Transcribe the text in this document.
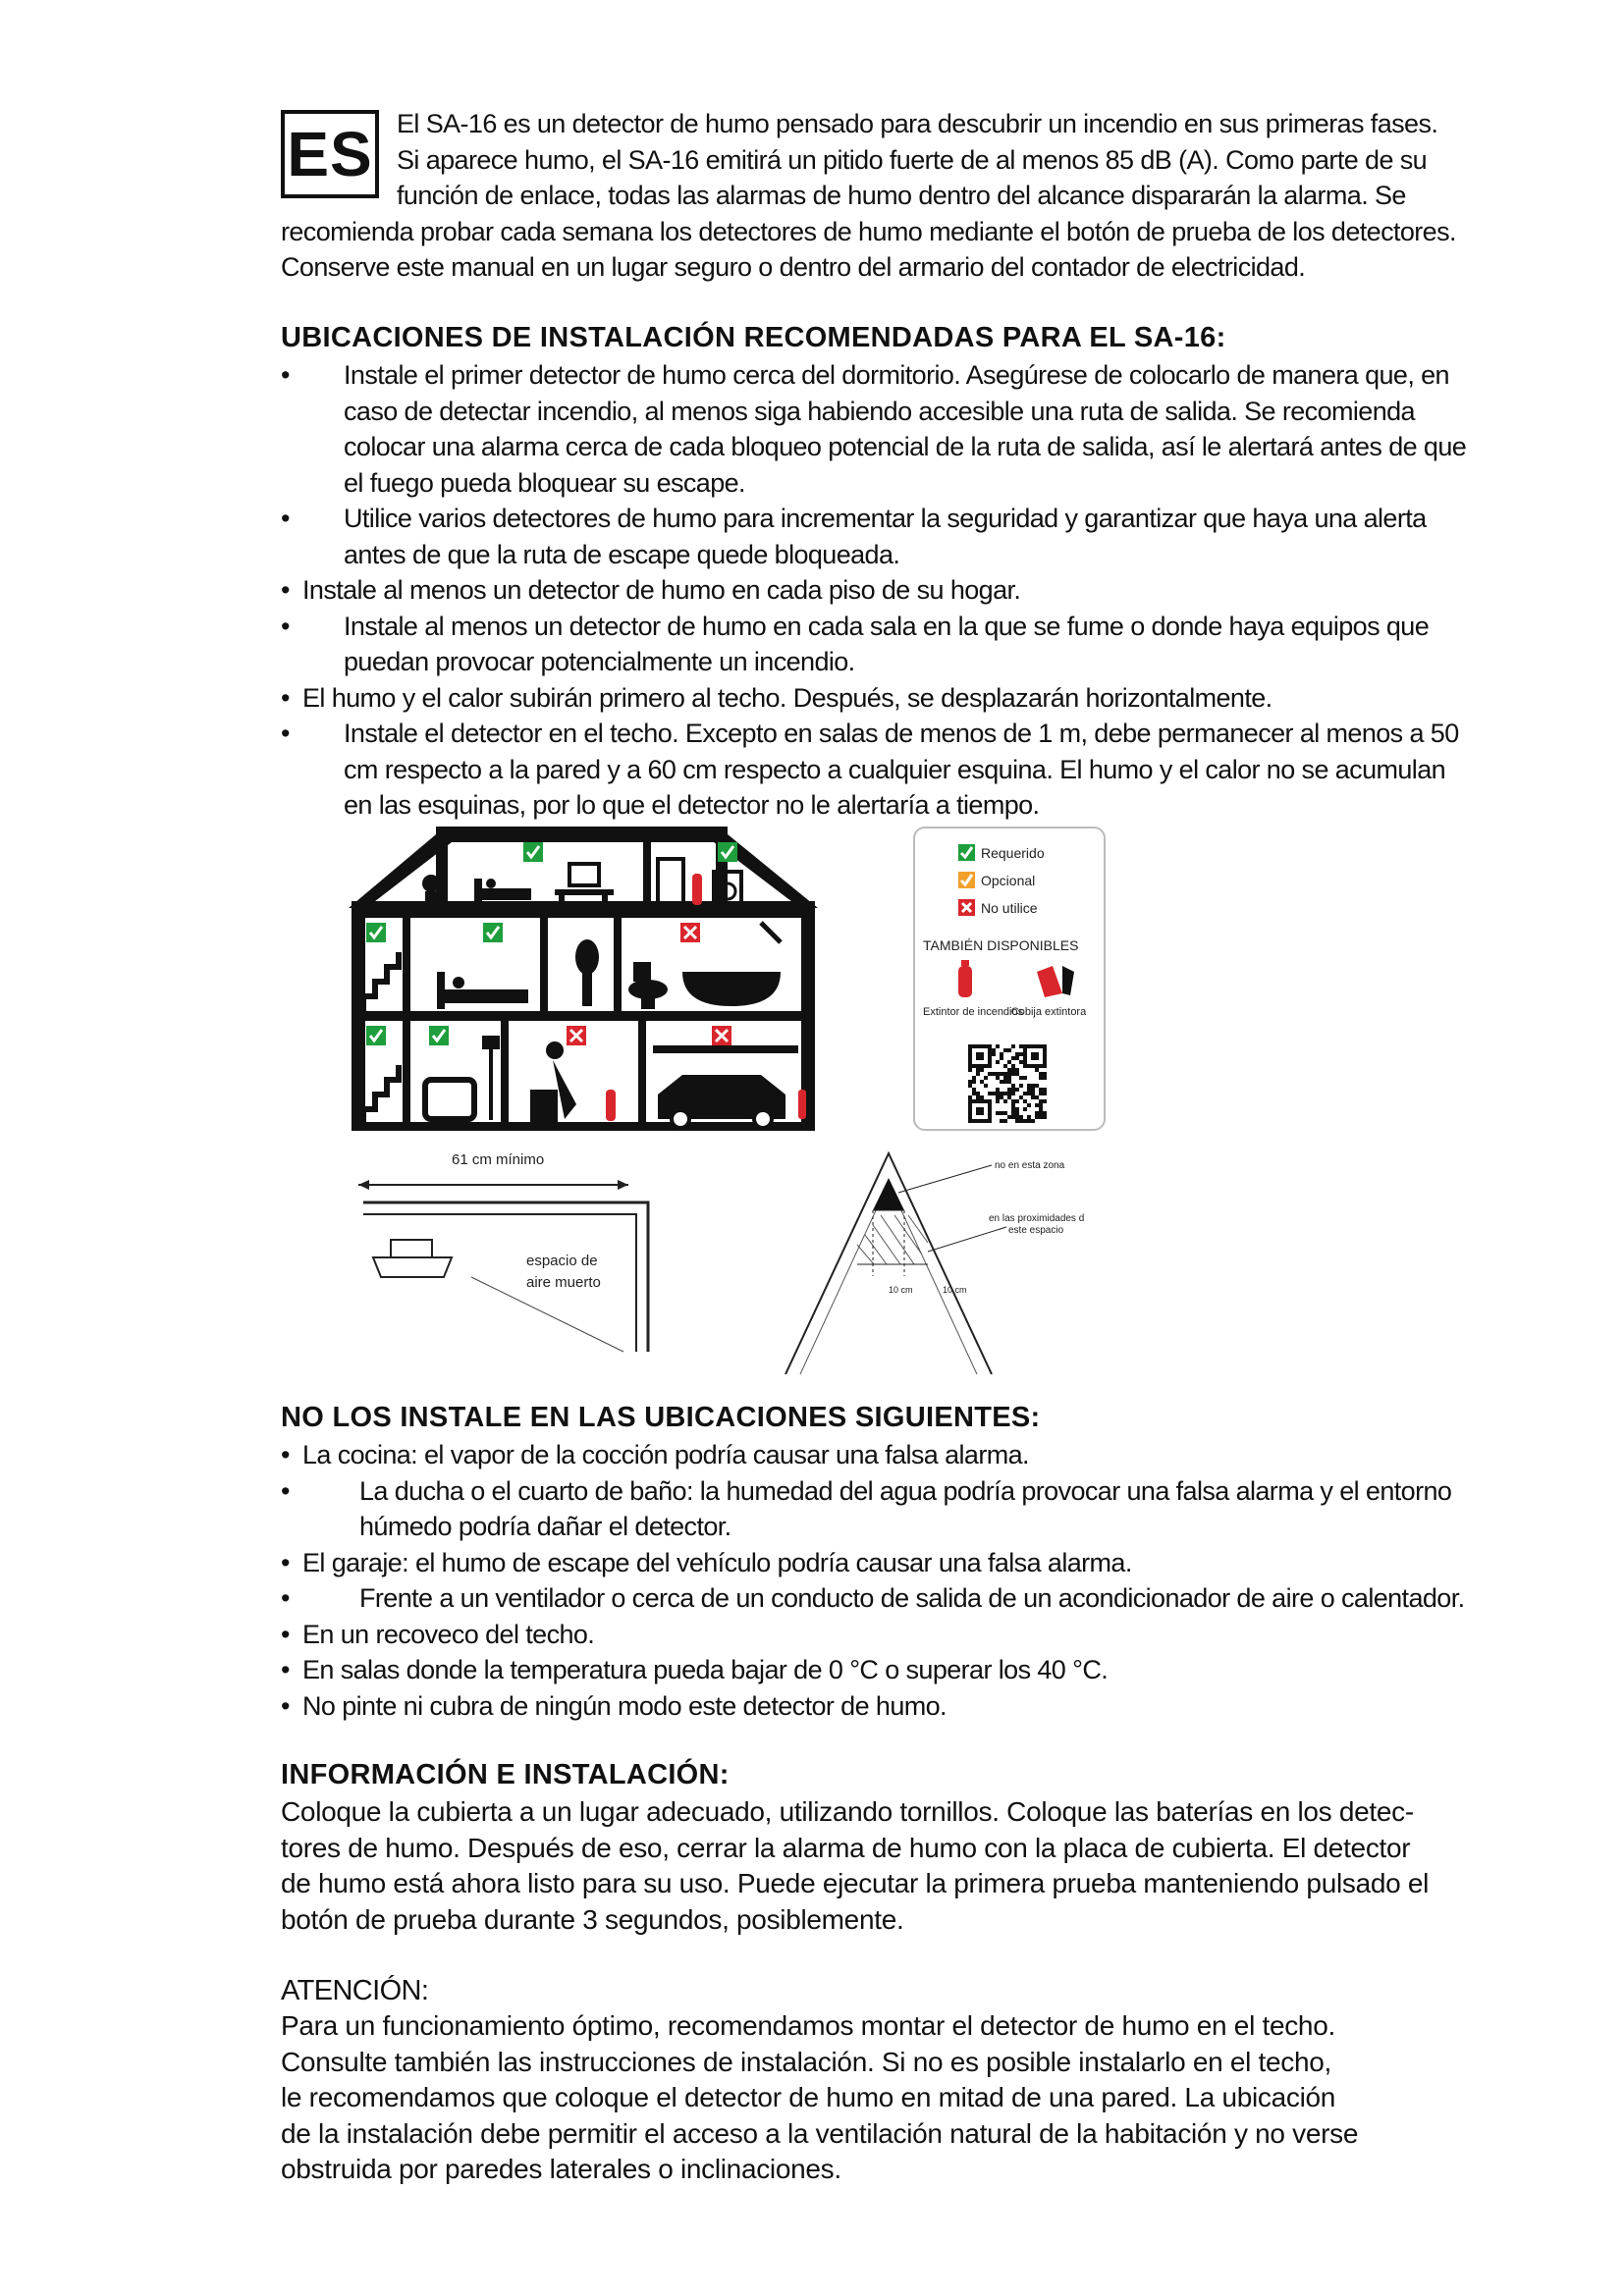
ES El SA-16 es un detector de humo pensado para descubrir un incendio en sus primeras fases.
Si aparece humo, el SA-16 emitirá un pitido fuerte de al menos 85 dB (A). Como parte de su
función de enlace, todas las alarmas de humo dentro del alcance dispararán la alarma. Se
recomienda probar cada semana los detectores de humo mediante el botón de prueba de los detectores.
Conserve este manual en un lugar seguro o dentro del armario del contador de electricidad.
UBICACIONES DE INSTALACIÓN RECOMENDADAS PARA EL SA-16:
•	Instale el primer detector de humo cerca del dormitorio. Asegúrese de colocarlo de manera que, en
caso de detectar incendio, al menos siga habiendo accesible una ruta de salida. Se recomienda
colocar una alarma cerca de cada bloqueo potencial de la ruta de salida, así le alertará antes de que
el fuego pueda bloquear su escape.
•	Utilice varios detectores de humo para incrementar la seguridad y garantizar que haya una alerta
antes de que la ruta de escape quede bloqueada.
• Instale al menos un detector de humo en cada piso de su hogar.
•	Instale al menos un detector de humo en cada sala en la que se fume o donde haya equipos que
puedan provocar potencialmente un incendio.
• El humo y el calor subirán primero al techo. Después, se desplazarán horizontalmente.
•	Instale el detector en el techo. Excepto en salas de menos de 1 m, debe permanecer al menos a 50
cm respecto a la pared y a 60 cm respecto a cualquier esquina. El humo y el calor no se acumulan
en las esquinas, por lo que el detector no le alertaría a tiempo.
Requerido
Opcional
No utilice
TAMBIÉN DISPONIBLES
Extintor de incendios
Cobija extintora
61 cm mínimo
espacio de
aire muerto	10 cm	10 cm
no en esta zona
en las proximidades d
este espacio
NO LOS INSTALE EN LAS UBICACIONES SIGUIENTES:
• La cocina: el vapor de la cocción podría causar una falsa alarma.
•	La ducha o el cuarto de baño: la humedad del agua podría provocar una falsa alarma y el entorno
húmedo podría dañar el detector.
• El garaje: el humo de escape del vehículo podría causar una falsa alarma.
•	Frente a un ventilador o cerca de un conducto de salida de un acondicionador de aire o calentador.
• En un recoveco del techo.
• En salas donde la temperatura pueda bajar de 0 °C o superar los 40 °C.
• No pinte ni cubra de ningún modo este detector de humo.
INFORMACIÓN E INSTALACIÓN:
Coloque la cubierta a un lugar adecuado, utilizando tornillos. Coloque las baterías en los detec-
tores de humo. Después de eso, cerrar la alarma de humo con la placa de cubierta. El detector
de humo está ahora listo para su uso. Puede ejecutar la primera prueba manteniendo pulsado el
botón de prueba durante 3 segundos, posiblemente.
ATENCIÓN:
Para un funcionamiento óptimo, recomendamos montar el detector de humo en el techo.
Consulte también las instrucciones de instalación. Si no es posible instalarlo en el techo,
le recomendamos que coloque el detector de humo en mitad de una pared. La ubicación
de la instalación debe permitir el acceso a la ventilación natural de la habitación y no verse
obstruida por paredes laterales o inclinaciones.
